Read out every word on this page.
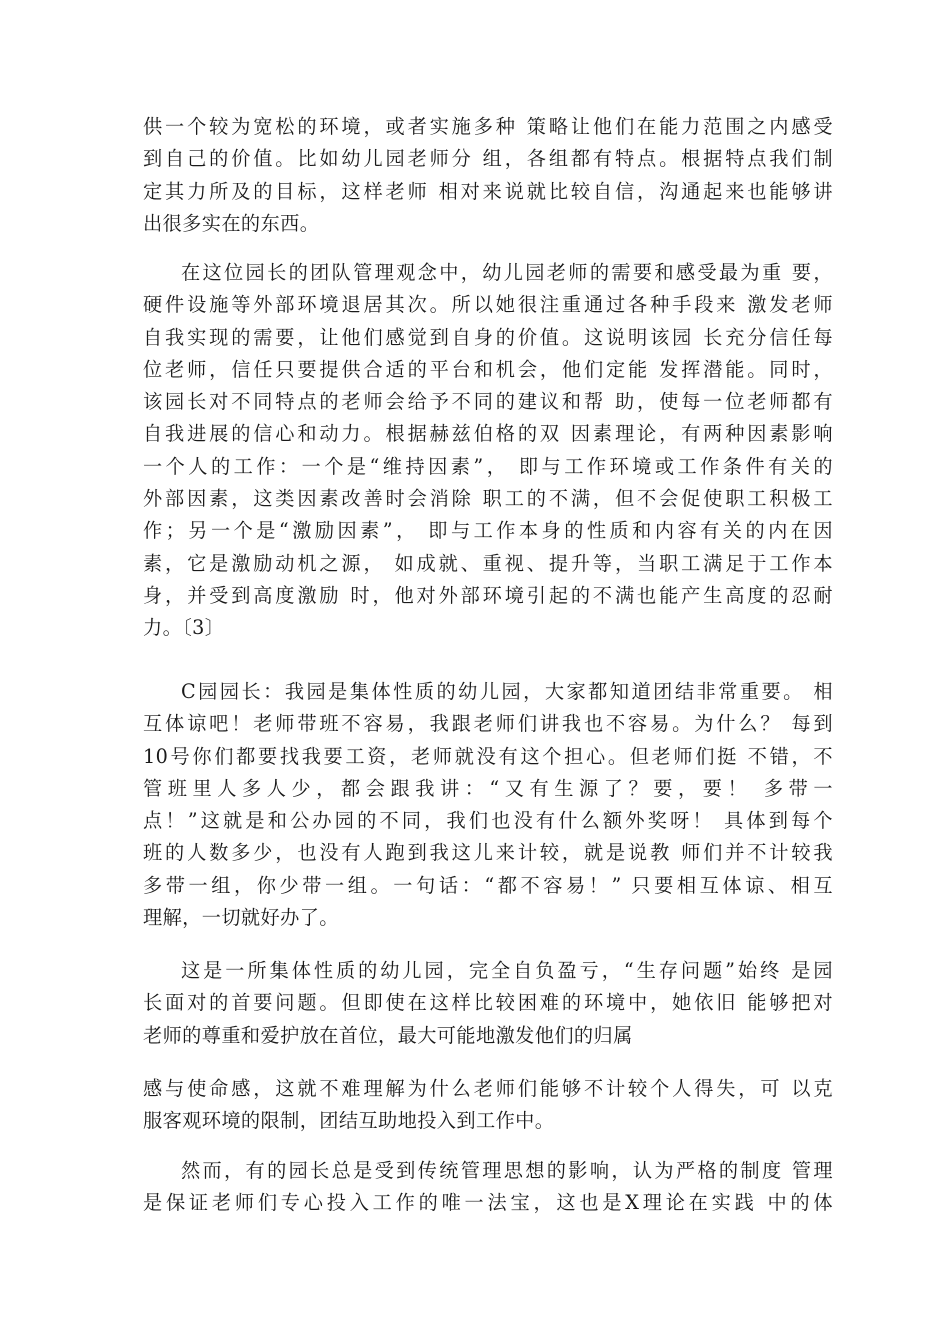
供一个较为宽松的环境，或者实施多种 策略让他们在能力范围之内感受
到自己的价值。比如幼儿园老师分 组，各组都有特点。根据特点我们制
定其力所及的目标，这样老师 相对来说就比较自信，沟通起来也能够讲
出很多实在的东西。
在这位园长的团队管理观念中，幼儿园老师的需要和感受最为重 要，
硬件设施等外部环境退居其次。所以她很注重通过各种手段来 激发老师
自我实现的需要，让他们感觉到自身的价值。这说明该园 长充分信任每
位老师，信任只要提供合适的平台和机会，他们定能 发挥潜能。同时，
该园长对不同特点的老师会给予不同的建议和帮 助，使每一位老师都有
自我进展的信心和动力。根据赫兹伯格的双 因素理论，有两种因素影响
一个人的工作：一个是“维持因素”， 即与工作环境或工作条件有关的
外部因素，这类因素改善时会消除 职工的不满，但不会促使职工积极工
作；另一个是“激励因素”， 即与工作本身的性质和内容有关的内在因
素，它是激励动机之源， 如成就、重视、提升等，当职工满足于工作本
身，并受到高度激励 时，他对外部环境引起的不满也能产生高度的忍耐
力。〔3〕
C园园长：我园是集体性质的幼儿园，大家都知道团结非常重要。 相
互体谅吧！老师带班不容易，我跟老师们讲我也不容易。为什么？ 每到
10号你们都要找我要工资，老师就没有这个担心。但老师们挺 不错，不
管班里人多人少，都会跟我讲：“又有生源了？要，要！ 多带一
点！”这就是和公办园的不同，我们也没有什么额外奖呀！ 具体到每个
班的人数多少，也没有人跑到我这儿来计较，就是说教 师们并不计较我
多带一组，你少带一组。一句话：“都不容易！” 只要相互体谅、相互
理解，一切就好办了。
这是一所集体性质的幼儿园，完全自负盈亏，“生存问题”始终 是园
长面对的首要问题。但即使在这样比较困难的环境中，她依旧 能够把对
老师的尊重和爱护放在首位，最大可能地激发他们的归属
感与使命感，这就不难理解为什么老师们能够不计较个人得失，可 以克
服客观环境的限制，团结互助地投入到工作中。
然而，有的园长总是受到传统管理思想的影响，认为严格的制度 管理
是保证老师们专心投入工作的唯一法宝，这也是X理论在实践 中的体
